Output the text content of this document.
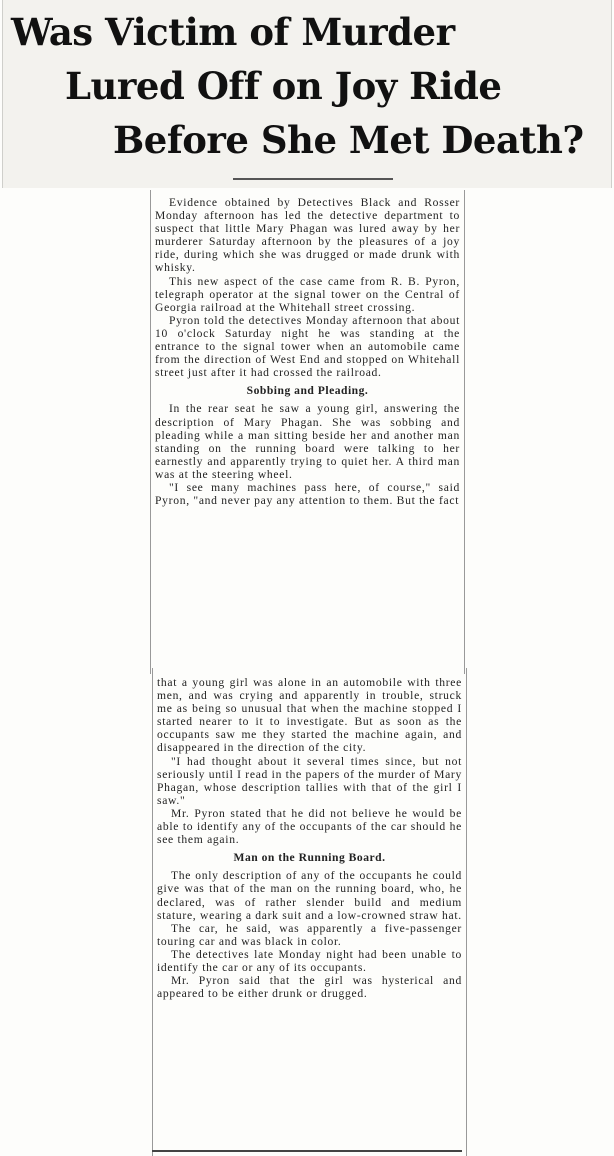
Was Victim of Murder
Lured Off on Joy Ride
Before She Met Death?

Evidence obtained by Detectives Black and Rosser Monday afternoon has led the detective department to suspect that little Mary Phagan was lured away by her murderer Saturday afternoon by the pleasures of a joy ride, during which she was drugged or made drunk with whisky.

This new aspect of the case came from R. B. Pyron, telegraph operator at the signal tower on the Central of Georgia railroad at the Whitehall street crossing.

Pyron told the detectives Monday afternoon that about 10 o'clock Saturday night he was standing at the entrance to the signal tower when an automobile came from the direction of West End and stopped on Whitehall street just after it had crossed the railroad.

Sobbing and Pleading.

In the rear seat he saw a young girl, answering the description of Mary Phagan. She was sobbing and pleading while a man sitting beside her and another man standing on the running board were talking to her earnestly and apparently trying to quiet her. A third man was at the steering wheel.

"I see many machines pass here, of course," said Pyron, "and never pay any attention to them. But the fact

that a young girl was alone in an automobile with three men, and was crying and apparently in trouble, struck me as being so unusual that when the machine stopped I started nearer to it to investigate. But as soon as the occupants saw me they started the machine again, and disappeared in the direction of the city.

"I had thought about it several times since, but not seriously until I read in the papers of the murder of Mary Phagan, whose description tallies with that of the girl I saw."

Mr. Pyron stated that he did not believe he would be able to identify any of the occupants of the car should he see them again.

Man on the Running Board.

The only description of any of the occupants he could give was that of the man on the running board, who, he declared, was of rather slender build and medium stature, wearing a dark suit and a low-crowned straw hat.

The car, he said, was apparently a five-passenger touring car and was black in color.

The detectives late Monday night had been unable to identify the car or any of its occupants.

Mr. Pyron said that the girl was hysterical and appeared to be either drunk or drugged.
